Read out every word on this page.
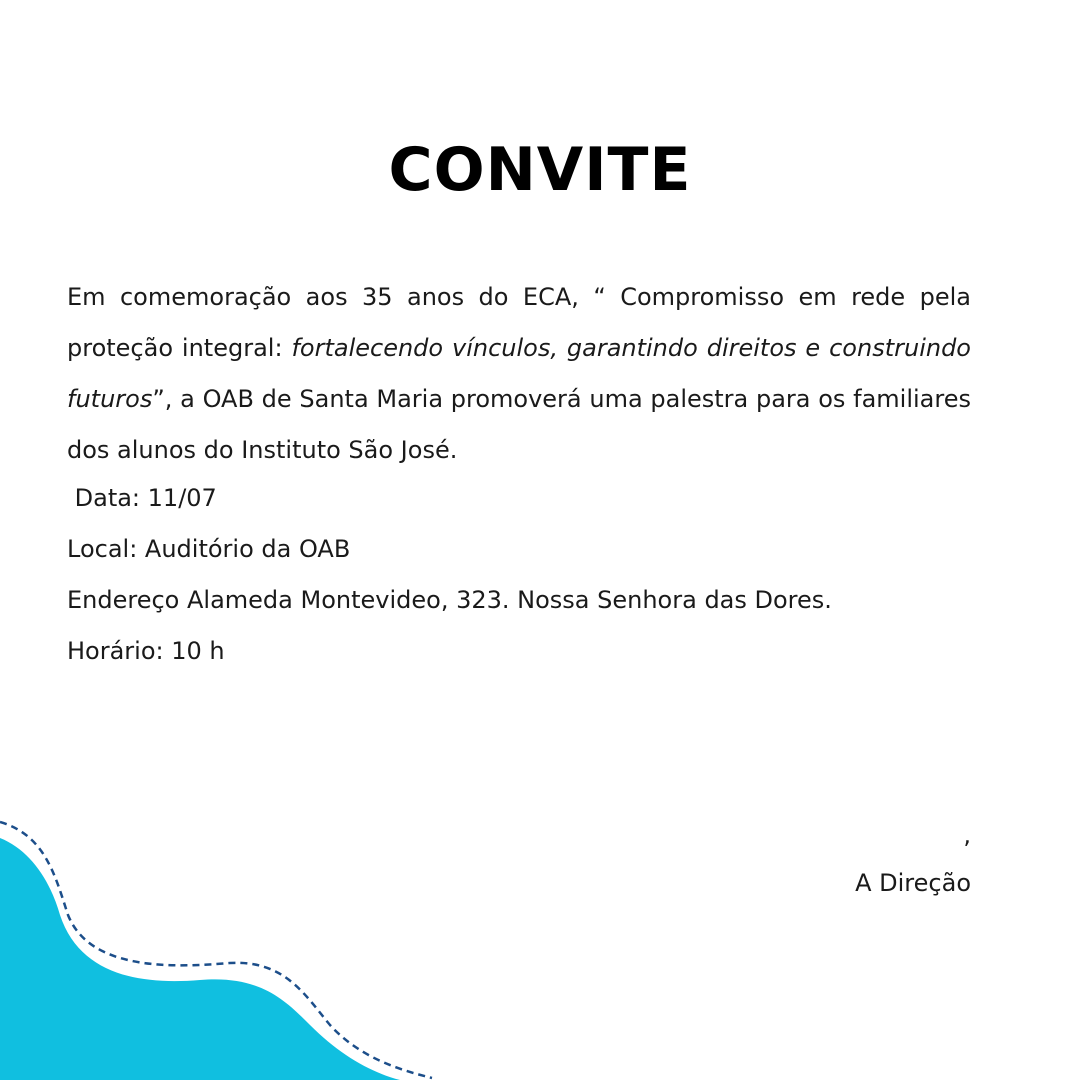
CONVITE

Em comemoração aos 35 anos do ECA, “ Compromisso em rede pela proteção integral: fortalecendo vínculos, garantindo direitos e construindo futuros”, a OAB de Santa Maria promoverá uma palestra para os familiares dos alunos do Instituto São José.

Data: 11/07

Local: Auditório da OAB

Endereço Alameda Montevideo, 323. Nossa Senhora das Dores.

Horário: 10 h

,
A Direção
